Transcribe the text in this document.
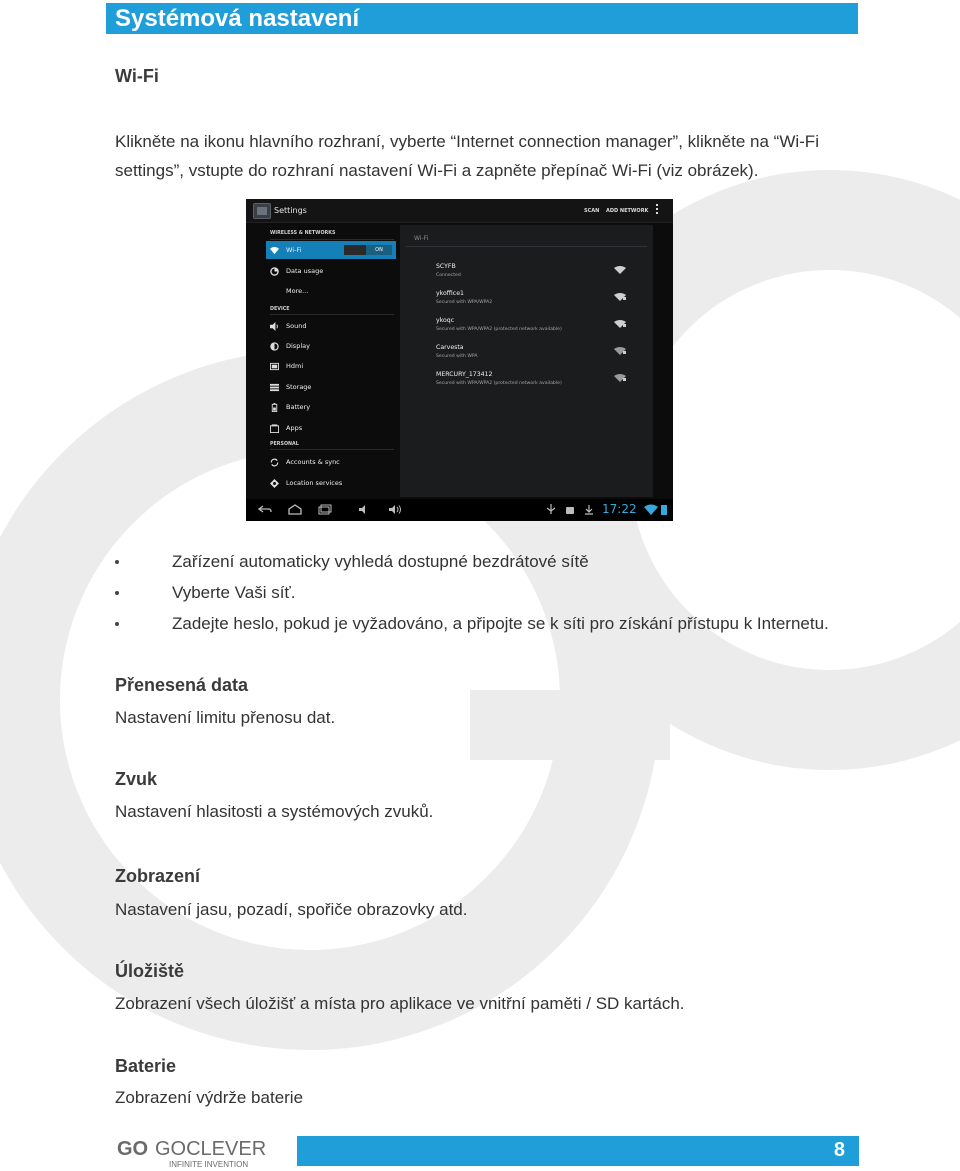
Systémová nastavení
Wi-Fi
Klikněte na ikonu hlavního rozhraní, vyberte “Internet connection manager”, klikněte na “Wi-Fi
settings”, vstupte do rozhraní nastavení Wi-Fi a zapněte přepínač Wi-Fi (viz obrázek).
Settings	SCAN ADD NETWORK
WIRELESS & NETWORKS
Wi-Fi	ON
Data usage
More...
DEVICE
Sound
Display
Hdmi
Storage
Battery
Apps
PERSONAL
Accounts & sync
Location services
Wi-Fi
SCYFB
Connected
ykoffice1
Secured with WPA/WPA2
ykoqc
Secured with WPA/WPA2 (protected network available)
Carvesta
Secured with WPA
MERCURY_173412
Secured with WPA/WPA2 (protected network available)
17:22
Zařízení automaticky vyhledá dostupné bezdrátové sítě
Vyberte Vaši síť.
Zadejte heslo, pokud je vyžadováno, a připojte se k síti pro získání přístupu k Internetu.
Přenesená data
Nastavení limitu přenosu dat.
Zvuk
Nastavení hlasitosti a systémových zvuků.
Zobrazení
Nastavení jasu, pozadí, spořiče obrazovky atd.
Úložiště
Zobrazení všech úložišť a místa pro aplikace ve vnitřní paměti / SD kartách.
Baterie
Zobrazení výdrže baterie
GO GOCLEVER
INFINITE INVENTION
8
